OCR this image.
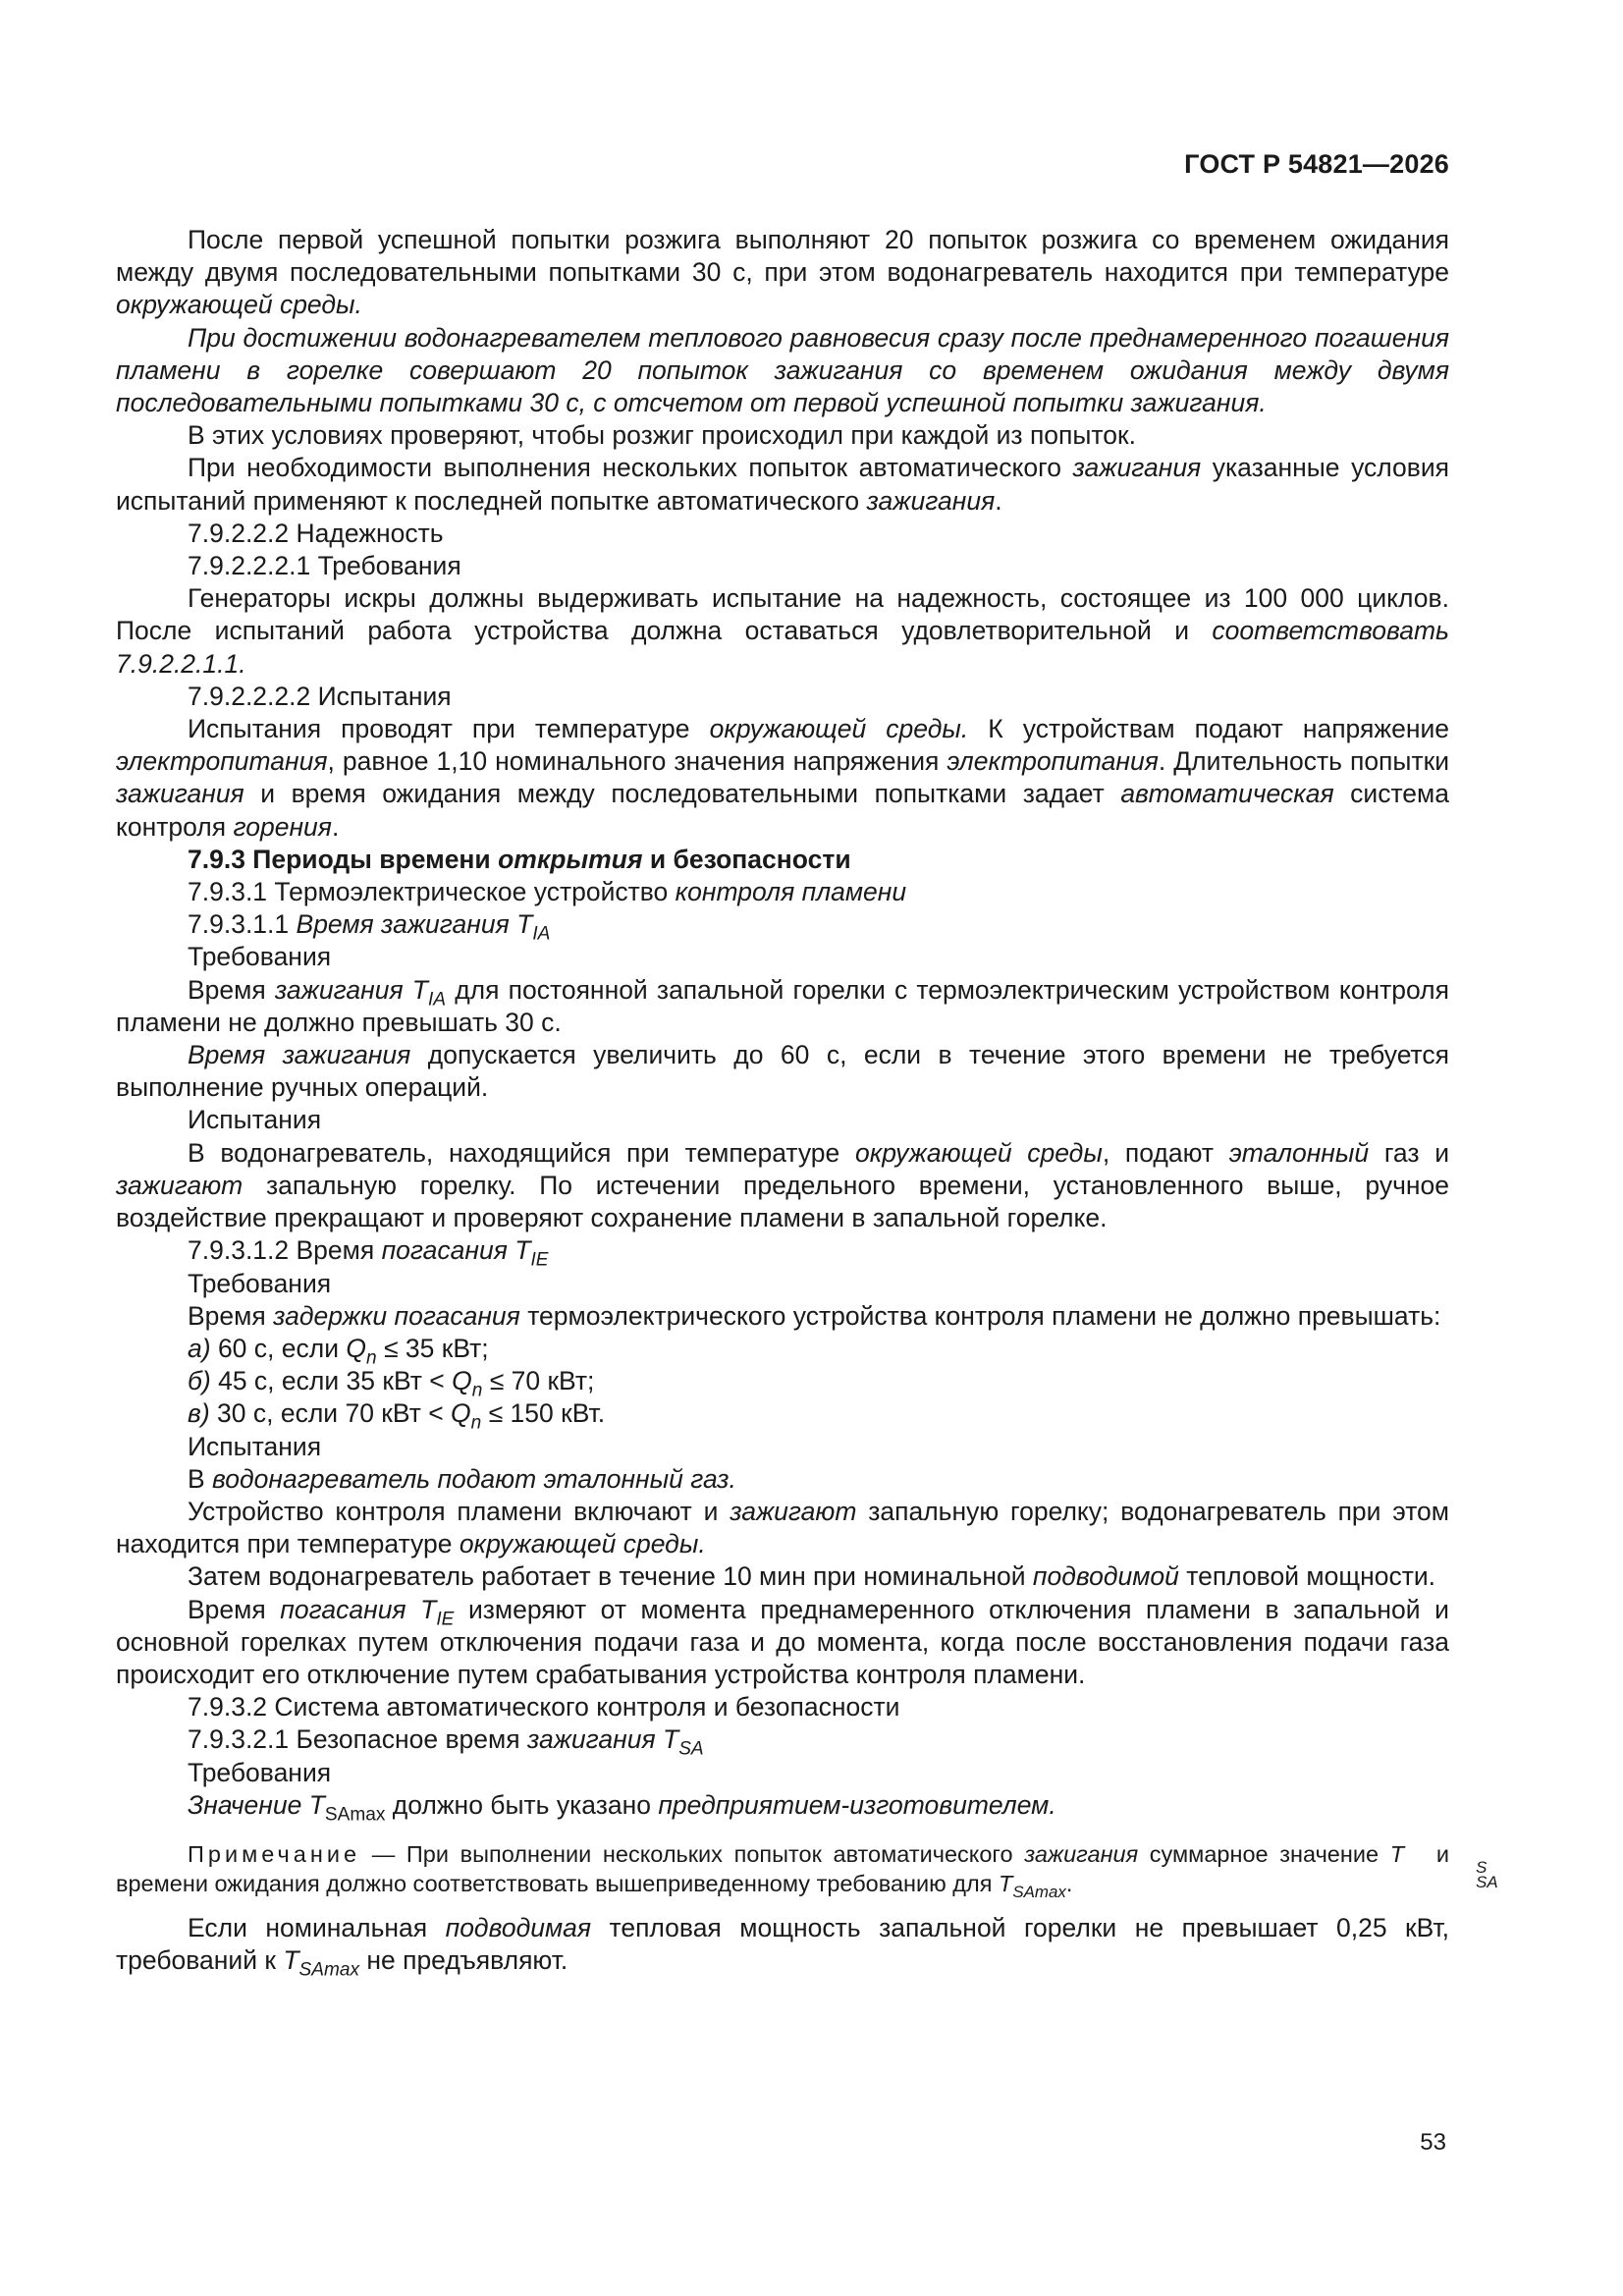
ГОСТ Р 54821—2026

После первой успешной попытки розжига выполняют 20 попыток розжига со временем ожидания между двумя последовательными попытками 30 с, при этом водонагреватель находится при температуре окружающей среды.

При достижении водонагревателем теплового равновесия сразу после преднамеренного погашения пламени в горелке совершают 20 попыток зажигания со временем ожидания между двумя последовательными попытками 30 с, с отсчетом от первой успешной попытки зажигания.

В этих условиях проверяют, чтобы розжиг происходил при каждой из попыток.

При необходимости выполнения нескольких попыток автоматического зажигания указанные условия испытаний применяют к последней попытке автоматического зажигания.

7.9.2.2.2 Надежность

7.9.2.2.2.1 Требования

Генераторы искры должны выдерживать испытание на надежность, состоящее из 100 000 циклов. После испытаний работа устройства должна оставаться удовлетворительной и соответствовать 7.9.2.2.1.1.

7.9.2.2.2.2 Испытания

Испытания проводят при температуре окружающей среды. К устройствам подают напряжение электропитания, равное 1,10 номинального значения напряжения электропитания. Длительность попытки зажигания и время ожидания между последовательными попытками задает автоматическая система контроля горения.

7.9.3 Периоды времени открытия и безопасности

7.9.3.1 Термоэлектрическое устройство контроля пламени

7.9.3.1.1 Время зажигания $T_{IA}$

Требования

Время зажигания $T_{IA}$ для постоянной запальной горелки с термоэлектрическим устройством контроля пламени не должно превышать 30 с.

Время зажигания допускается увеличить до 60 с, если в течение этого времени не требуется выполнение ручных операций.

Испытания

В водонагреватель, находящийся при температуре окружающей среды, подают эталонный газ и зажигают запальную горелку. По истечении предельного времени, установленного выше, ручное воздействие прекращают и проверяют сохранение пламени в запальной горелке.

7.9.3.1.2 Время погасания $T_{IE}$

Требования

Время задержки погасания термоэлектрического устройства контроля пламени не должно превышать:

а) 60 с, если $Q_n \le 35$ кВт;

б) 45 с, если 35 кВт < $Q_n \le 70$ кВт;

в) 30 с, если 70 кВт < $Q_n \le 150$ кВт.

Испытания

В водонагреватель подают эталонный газ.

Устройство контроля пламени включают и зажигают запальную горелку; водонагреватель при этом находится при температуре окружающей среды.

Затем водонагреватель работает в течение 10 мин при номинальной подводимой тепловой мощности.

Время погасания $T_{IE}$ измеряют от момента преднамеренного отключения пламени в запальной и основной горелках путем отключения подачи газа и до момента, когда после восстановления подачи газа происходит его отключение путем срабатывания устройства контроля пламени.

7.9.3.2 Система автоматического контроля и безопасности

7.9.3.2.1 Безопасное время зажигания $T_{SA}$

Требования

Значение $T_{SAmax}$ должно быть указано предприятием-изготовителем.

Примечание — При выполнении нескольких попыток автоматического зажигания суммарное значение T
S
SA
и времени ожидания должно соответствовать вышеприведенному требованию для $T_{SAmax}$.

Если номинальная подводимая тепловая мощность запальной горелки не превышает 0,25 кВт, требований к $T_{SAmax}$ не предъявляют.

53
